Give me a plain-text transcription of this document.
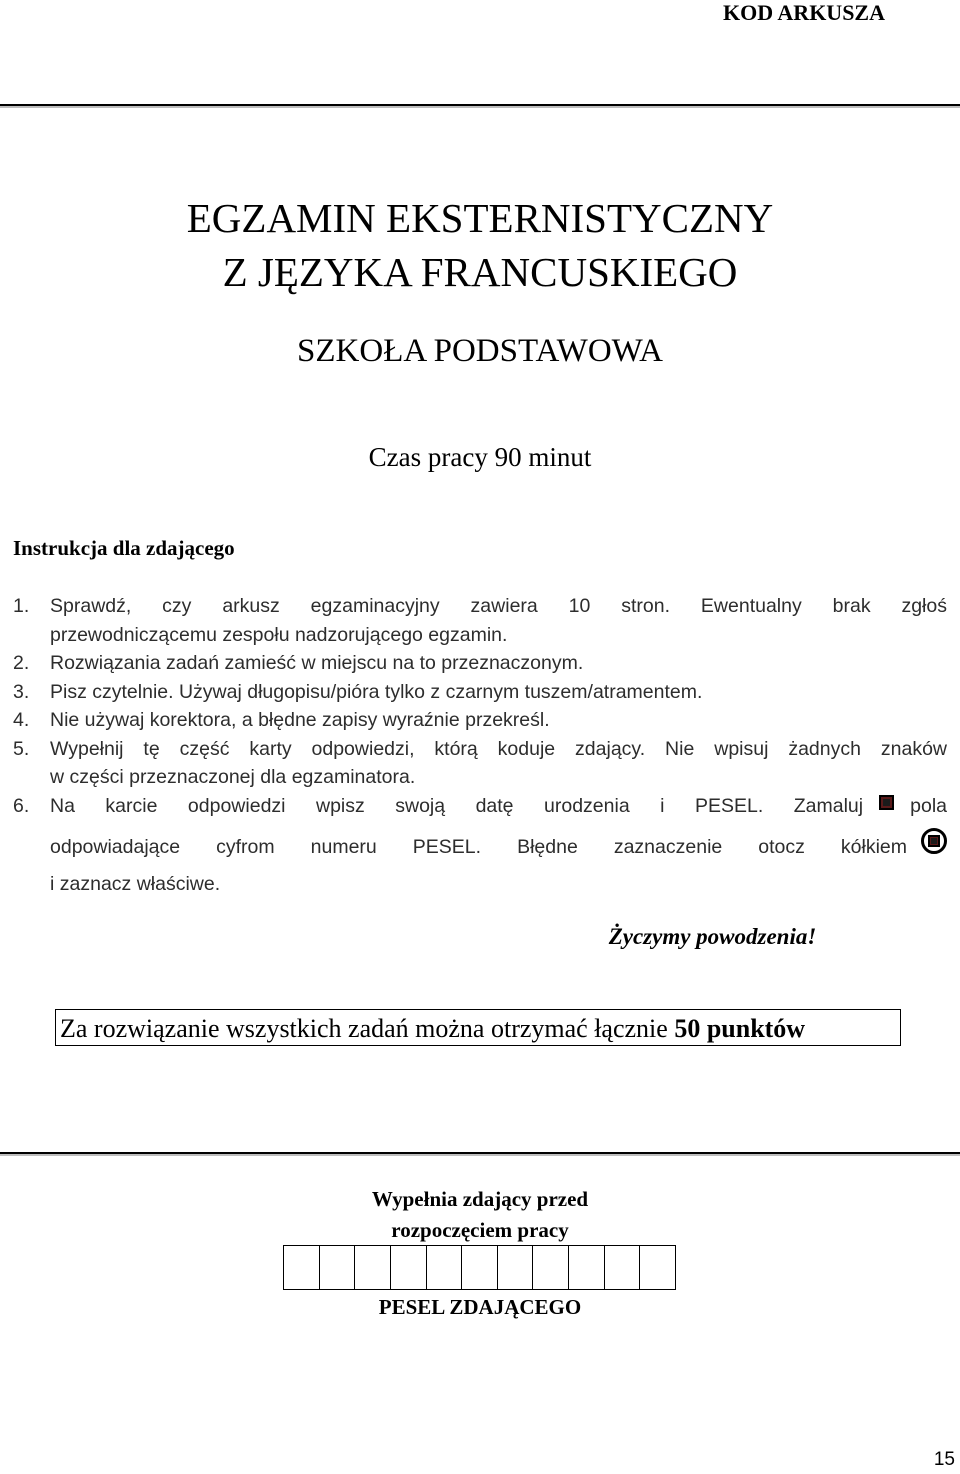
KOD ARKUSZA
EGZAMIN EKSTERNISTYCZNY
Z JĘZYKA FRANCUSKIEGO
SZKOŁA PODSTAWOWA
Czas pracy 90 minut
Instrukcja dla zdającego
1. Sprawdź, czy arkusz egzaminacyjny zawiera 10 stron. Ewentualny brak zgłoś
przewodniczącemu zespołu nadzorującego egzamin.
2. Rozwiązania zadań zamieść w miejscu na to przeznaczonym.
3. Pisz czytelnie. Używaj długopisu/pióra tylko z czarnym tuszem/atramentem.
4. Nie używaj korektora, a błędne zapisy wyraźnie przekreśl.
5. Wypełnij tę część karty odpowiedzi, którą koduje zdający. Nie wpisuj żadnych znaków
w części przeznaczonej dla egzaminatora.
6. Na karcie odpowiedzi wpisz swoją datę urodzenia i PESEL. Zamaluj pola
odpowiadające cyfrom numeru PESEL. Błędne zaznaczenie otocz kółkiem
i zaznacz właściwe.
Życzymy powodzenia!
Za rozwiązanie wszystkich zadań można otrzymać łącznie 50 punktów
Wypełnia zdający przed
rozpoczęciem pracy
PESEL ZDAJĄCEGO
15
